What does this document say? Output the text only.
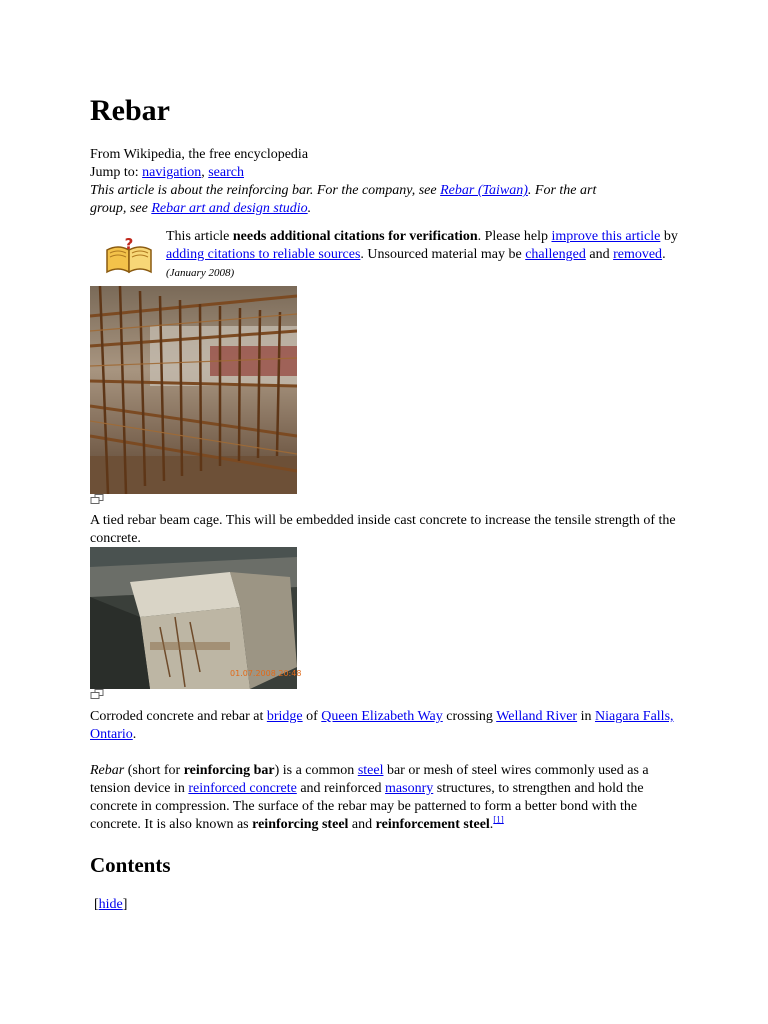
Rebar
From Wikipedia, the free encyclopedia
Jump to: navigation, search
This article is about the reinforcing bar. For the company, see Rebar (Taiwan). For the art
group, see Rebar art and design studio.
? This article needs additional citations for verification. Please help improve this article by adding citations to reliable sources. Unsourced material may be challenged and removed. (January 2008)
A tied rebar beam cage. This will be embedded inside cast concrete to increase the tensile strength of the concrete.
01.07.2008 20:48
Corroded concrete and rebar at bridge of Queen Elizabeth Way crossing Welland River in Niagara Falls, Ontario.
Rebar (short for reinforcing bar) is a common steel bar or mesh of steel wires commonly used as a tension device in reinforced concrete and reinforced masonry structures, to strengthen and hold the concrete in compression. The surface of the rebar may be patterned to form a better bond with the concrete. It is also known as reinforcing steel and reinforcement steel.[1]
Contents
[hide]
